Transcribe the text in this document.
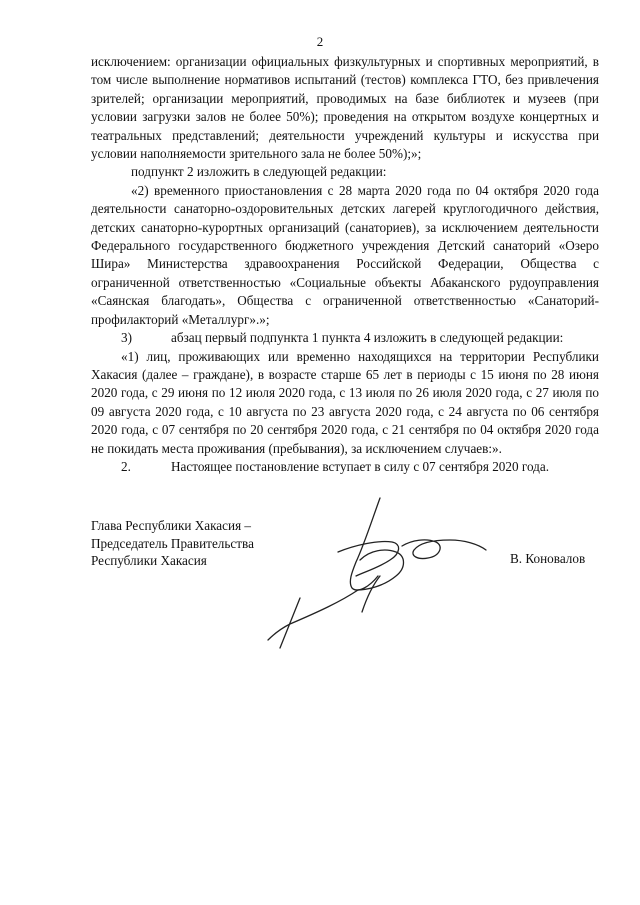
2

исключением: организации официальных физкультурных и спортивных мероприятий, в том числе выполнение нормативов испытаний (тестов) комплекса ГТО, без привлечения зрителей; организации мероприятий, проводимых на базе библиотек и музеев (при условии загрузки залов не более 50%); проведения на открытом воздухе концертных и театральных представлений; деятельности учреждений культуры и искусства при условии наполняемости зрительного зала не более 50%);»;

подпункт 2 изложить в следующей редакции:

«2) временного приостановления с 28 марта 2020 года по 04 октября 2020 года деятельности санаторно-оздоровительных детских лагерей круглогодичного действия, детских санаторно-курортных организаций (санаториев), за исключением деятельности Федерального государственного бюджетного учреждения Детский санаторий «Озеро Шира» Министерства здравоохранения Российской Федерации, Общества с ограниченной ответственностью «Социальные объекты Абаканского рудоуправления «Саянская благодать», Общества с ограниченной ответственностью «Санаторий-профилакторий «Металлург».»;

3)	абзац первый подпункта 1 пункта 4 изложить в следующей редакции:

«1) лиц, проживающих или временно находящихся на территории Республики Хакасия (далее – граждане), в возрасте старше 65 лет в периоды с 15 июня по 28 июня 2020 года, с 29 июня по 12 июля 2020 года, с 13 июля по 26 июля 2020 года, с 27 июля по 09 августа 2020 года, с 10 августа по 23 августа 2020 года, с 24 августа по 06 сентября 2020 года, с 07 сентября по 20 сентября 2020 года, с 21 сентября по 04 октября 2020 года не покидать места проживания (пребывания), за исключением случаев:».

2.	Настоящее постановление вступает в силу с 07 сентября 2020 года.

Глава Республики Хакасия –
Председатель Правительства
Республики Хакасия	В. Коновалов
